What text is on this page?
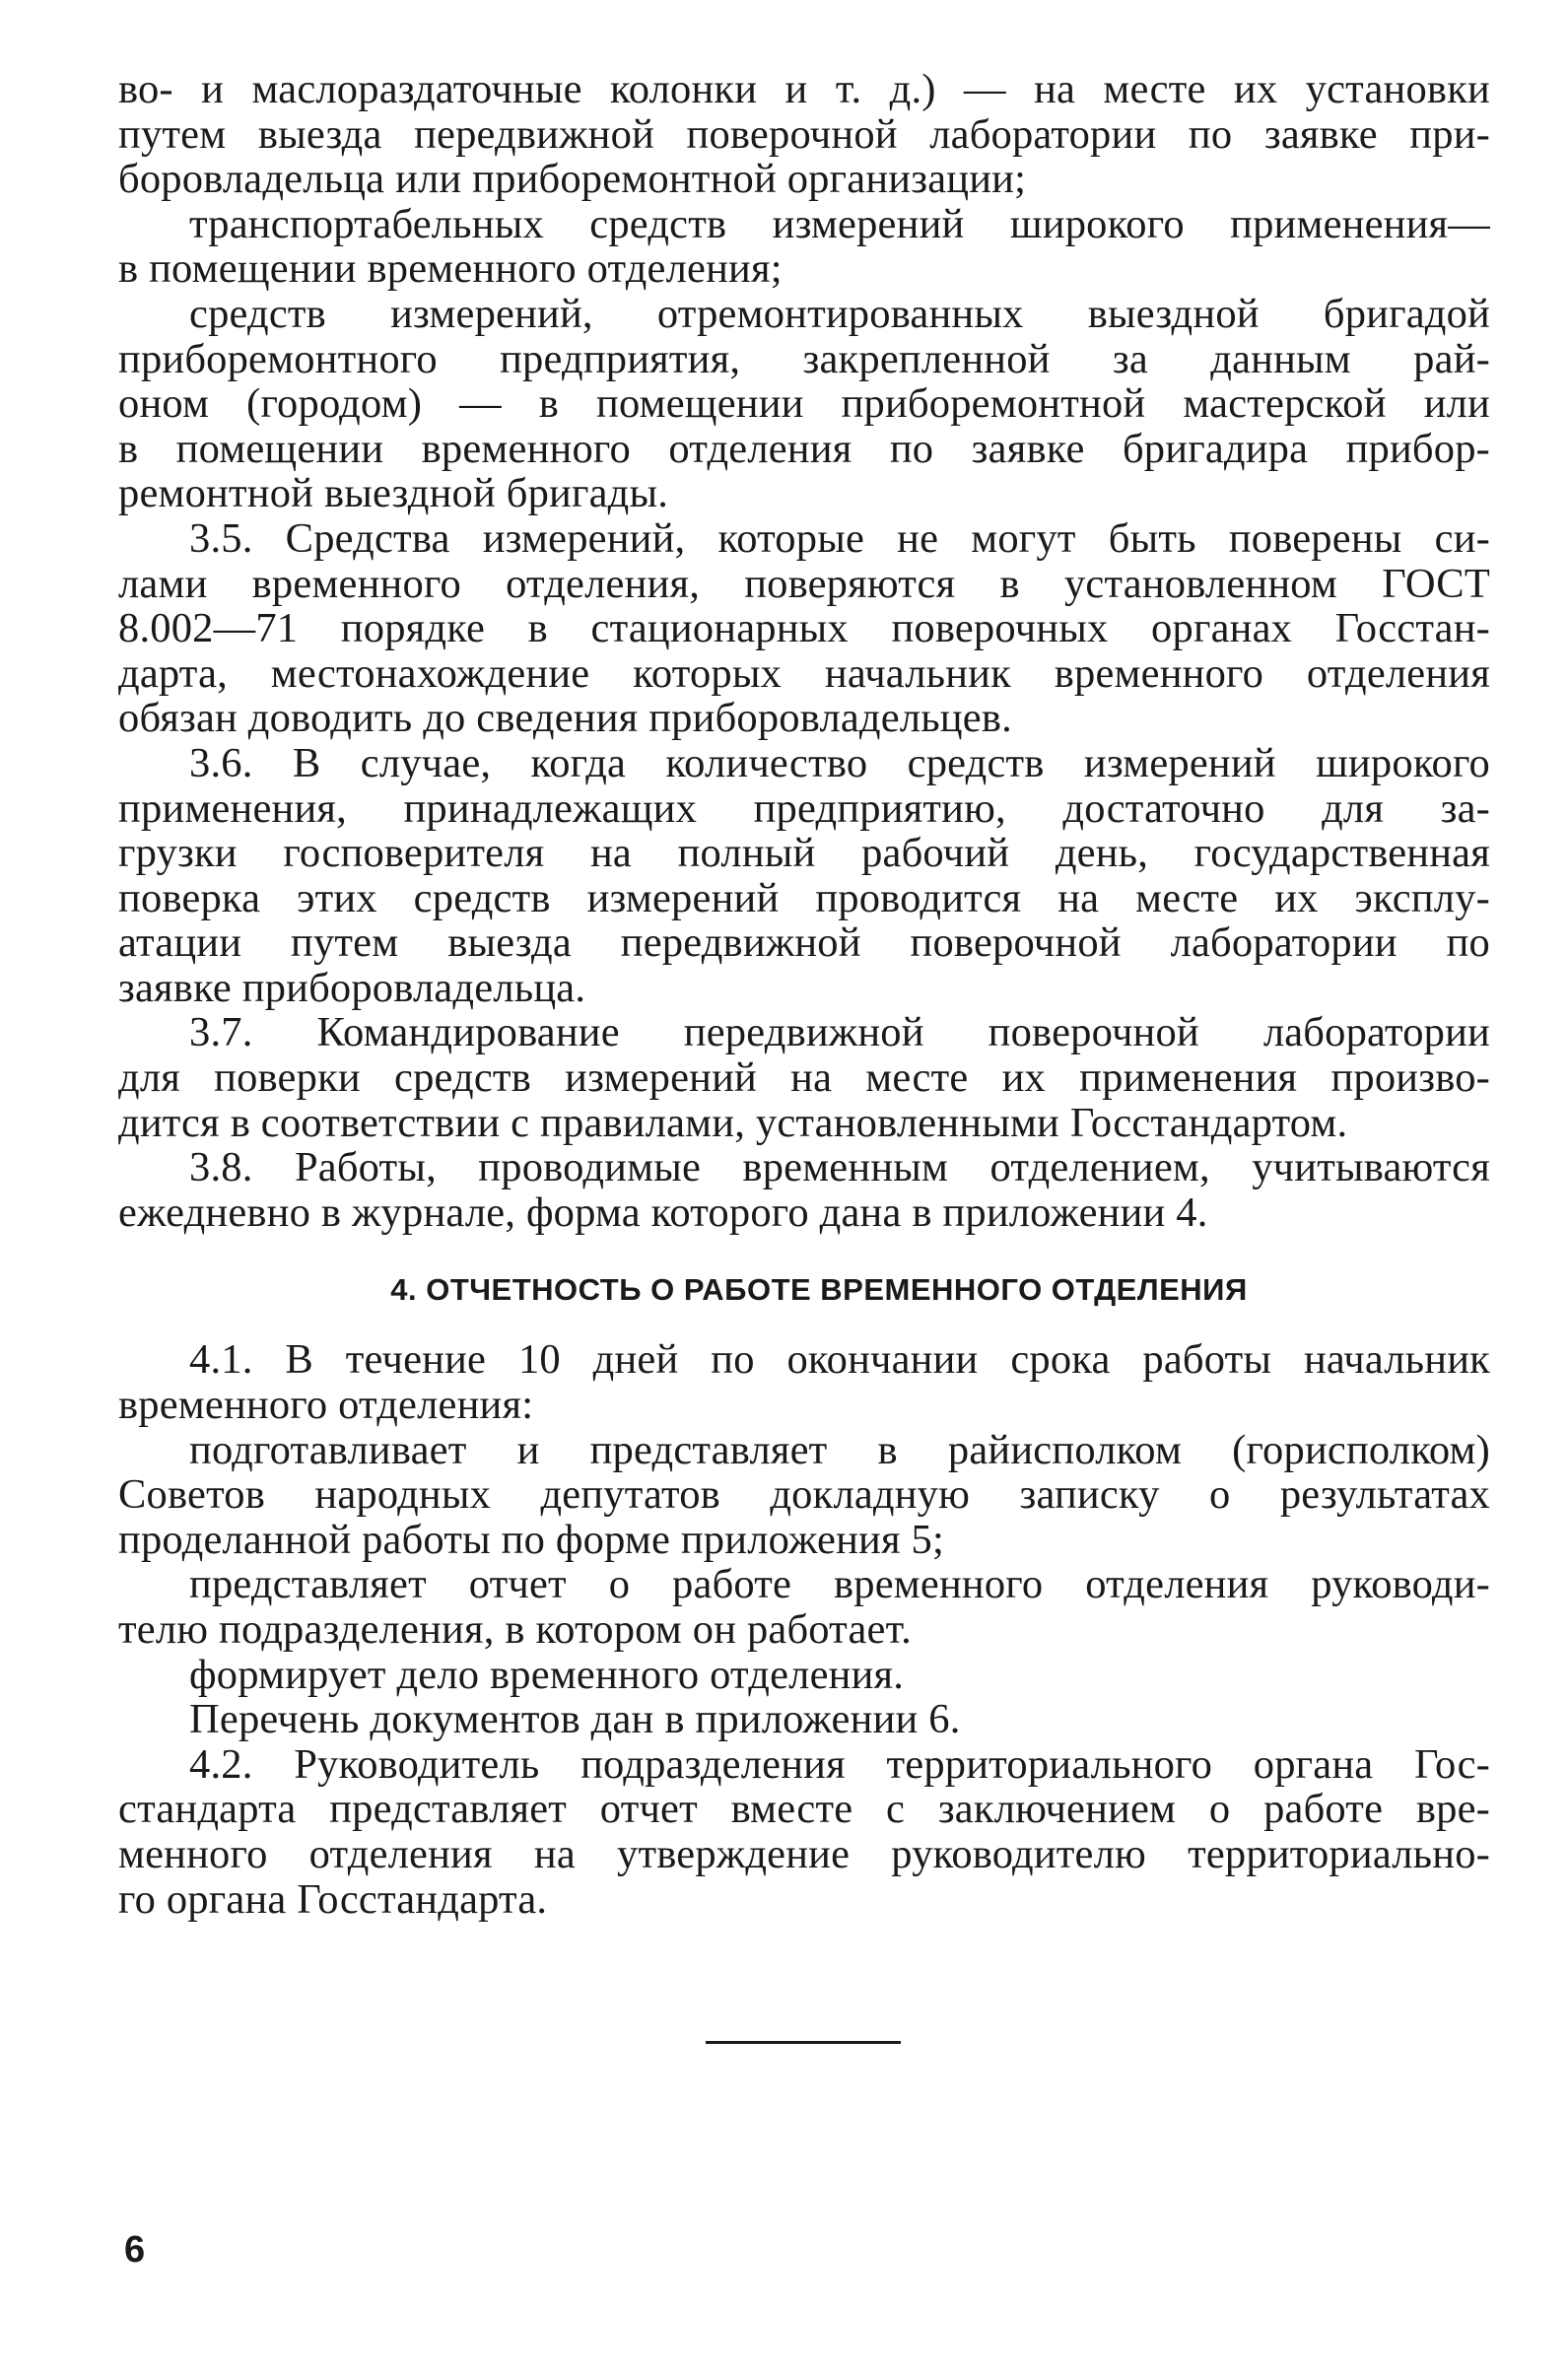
во- и маслораздаточные колонки и т. д.) — на месте их установки
путем выезда передвижной поверочной лаборатории по заявке при-
боровладельца или приборемонтной организации;
транспортабельных средств измерений широкого применения—
в помещении временного отделения;
средств измерений, отремонтированных выездной бригадой
приборемонтного предприятия, закрепленной за данным рай-
оном (городом) — в помещении приборемонтной мастерской или
в помещении временного отделения по заявке бригадира прибор-
ремонтной выездной бригады.
3.5. Средства измерений, которые не могут быть поверены си-
лами временного отделения, поверяются в установленном ГОСТ
8.002—71 порядке в стационарных поверочных органах Госстан-
дарта, местонахождение которых начальник временного отделения
обязан доводить до сведения приборовладельцев.
3.6. В случае, когда количество средств измерений широкого
применения, принадлежащих предприятию, достаточно для за-
грузки госповерителя на полный рабочий день, государственная
поверка этих средств измерений проводится на месте их эксплу-
атации путем выезда передвижной поверочной лаборатории по
заявке приборовладельца.
3.7. Командирование передвижной поверочной лаборатории
для поверки средств измерений на месте их применения произво-
дится в соответствии с правилами, установленными Госстандартом.
3.8. Работы, проводимые временным отделением, учитываются
ежедневно в журнале, форма которого дана в приложении 4.
4. ОТЧЕТНОСТЬ О РАБОТЕ ВРЕМЕННОГО ОТДЕЛЕНИЯ
4.1. В течение 10 дней по окончании срока работы начальник
временного отделения:
подготавливает и представляет в райисполком (горисполком)
Советов народных депутатов докладную записку о результатах
проделанной работы по форме приложения 5;
представляет отчет о работе временного отделения руководи-
телю подразделения, в котором он работает.
формирует дело временного отделения.
Перечень документов дан в приложении 6.
4.2. Руководитель подразделения территориального органа Гос-
стандарта представляет отчет вместе с заключением о работе вре-
менного отделения на утверждение руководителю территориально-
го органа Госстандарта.
6
